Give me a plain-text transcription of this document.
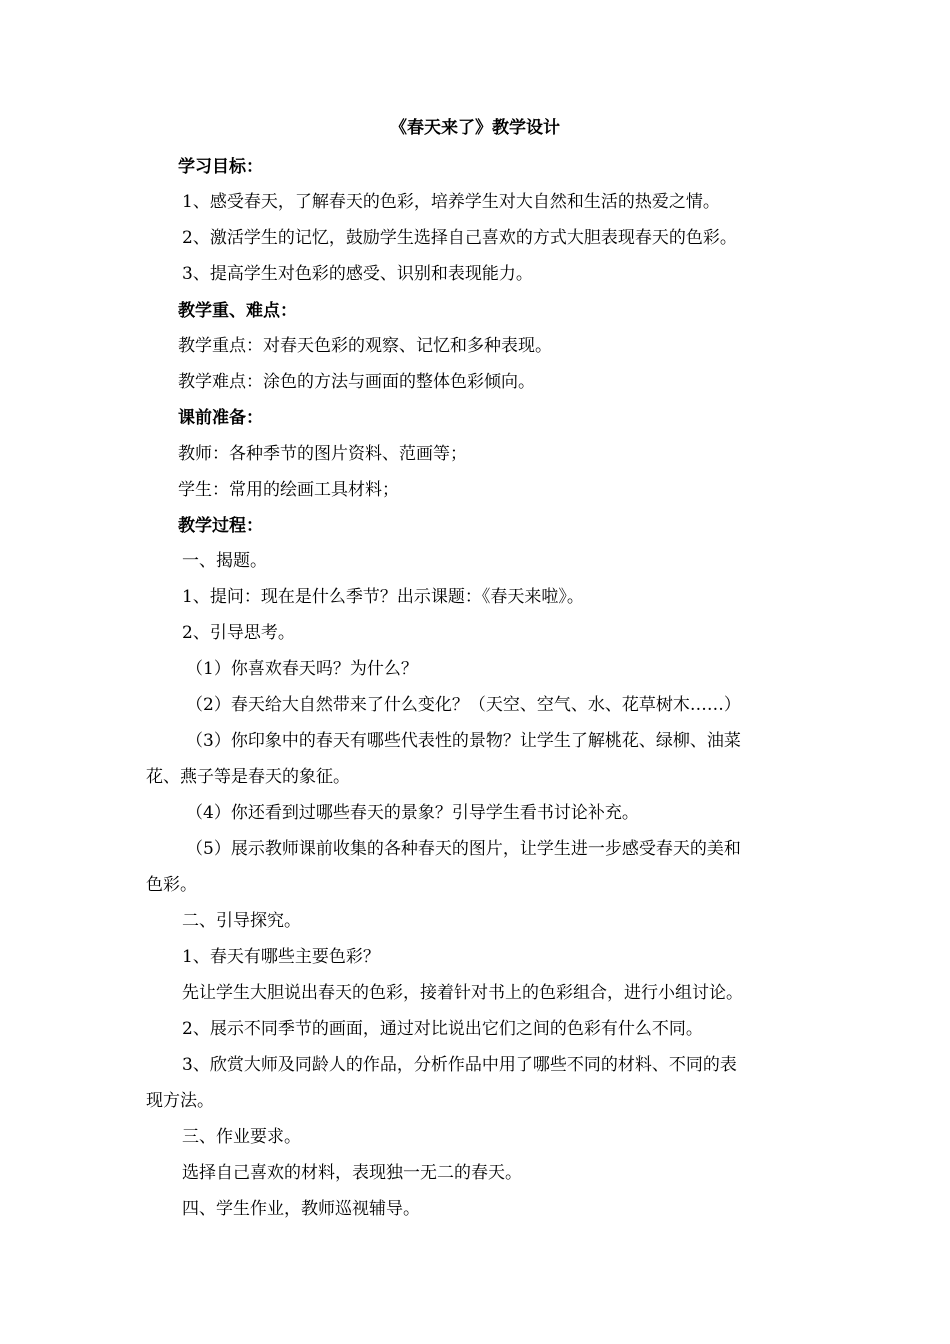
《春天来了》教学设计
学习目标：
1、感受春天，了解春天的色彩，培养学生对大自然和生活的热爱之情。
2、激活学生的记忆，鼓励学生选择自己喜欢的方式大胆表现春天的色彩。
3、提高学生对色彩的感受、识别和表现能力。
教学重、难点：
教学重点：对春天色彩的观察、记忆和多种表现。
教学难点：涂色的方法与画面的整体色彩倾向。
课前准备：
教师：各种季节的图片资料、范画等；
学生：常用的绘画工具材料；
教学过程：
一、揭题。
1、提问：现在是什么季节？出示课题：《春天来啦》。
2、引导思考。
（1）你喜欢春天吗？为什么？
（2）春天给大自然带来了什么变化？（天空、空气、水、花草树木……）
（3）你印象中的春天有哪些代表性的景物？让学生了解桃花、绿柳、油菜
花、燕子等是春天的象征。
（4）你还看到过哪些春天的景象？引导学生看书讨论补充。
（5）展示教师课前收集的各种春天的图片，让学生进一步感受春天的美和
色彩。
二、引导探究。
1、春天有哪些主要色彩？
先让学生大胆说出春天的色彩，接着针对书上的色彩组合，进行小组讨论。
2、展示不同季节的画面，通过对比说出它们之间的色彩有什么不同。
3、欣赏大师及同龄人的作品，分析作品中用了哪些不同的材料、不同的表
现方法。
三、作业要求。
选择自己喜欢的材料，表现独一无二的春天。
四、学生作业，教师巡视辅导。
